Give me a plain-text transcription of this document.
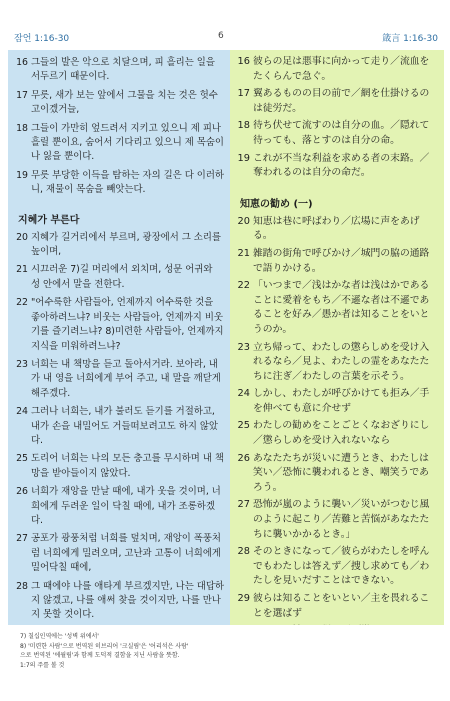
잠언 1:16-30	6	箴言 1:16-30
16 그들의 발은 악으로 치달으며, 피 흘리는 일을 서두르기 때문이다.
17 무릇, 새가 보는 앞에서 그물을 치는 것은 헛수고이겠거늘,
18 그들이 가만히 엎드려서 지키고 있으니 제 피나 흘릴 뿐이요, 숨어서 기다리고 있으니 제 목숨이나 잃을 뿐이다.
19 무릇 부당한 이득을 탐하는 자의 길은 다 이러하니, 재물이 목숨을 빼앗는다.
지혜가 부른다
20 지혜가 길거리에서 부르며, 광장에서 그 소리를 높이며,
21 시끄러운 7)길 머리에서 외치며, 성문 어귀와 성 안에서 말을 전한다.
22 "어수룩한 사람들아, 언제까지 어수룩한 것을 좋아하려느냐? 비웃는 사람들아, 언제까지 비웃기를 즐기려느냐? 8)미련한 사람들아, 언제까지 지식을 미워하려느냐?
23 너희는 내 책망을 듣고 돌아서거라. 보아라, 내가 내 영을 너희에게 부어 주고, 내 말을 깨닫게 해주겠다.
24 그러나 너희는, 내가 불러도 듣기를 거절하고, 내가 손을 내밀어도 거들떠보려고도 하지 않았다.
25 도리어 너희는 나의 모든 충고를 무시하며 내 책망을 받아들이지 않았다.
26 너희가 재앙을 만날 때에, 내가 웃을 것이며, 너희에게 두려운 일이 닥칠 때에, 내가 조롱하겠다.
27 공포가 광풍처럼 너희를 덮치며, 재앙이 폭풍처럼 너희에게 밀려오며, 고난과 고통이 너희에게 밀어닥칠 때에,
28 그 때에야 나를 애타게 부르겠지만, 나는 대답하지 않겠고, 나를 애써 찾을 것이지만, 나를 만나지 못할 것이다.
16 彼らの足は悪事に向かって走り／流血をたくらんで急ぐ。
17 翼あるものの目の前で／網を仕掛けるのは徒労だ。
18 待ち伏せて流すのは自分の血。／隠れて待っても、落とすのは自分の命。
19 これが不当な利益を求める者の末路。／奪われるのは自分の命だ。
知恵の勧め (一)
20 知恵は巷に呼ばわり／広場に声をあげる。
21 雑踏の街角で呼びかけ／城門の脇の通路で語りかける。
22 「いつまで／浅はかな者は浅はかであることに愛着をもち／不遜な者は不遜であることを好み／愚か者は知ることをいとうのか。
23 立ち帰って、わたしの懲らしめを受け入れるなら／見よ、わたしの霊をあなたたちに注ぎ／わたしの言葉を示そう。
24 しかし、わたしが呼びかけても拒み／手を伸べても意に介せず
25 わたしの勧めをことごとくなおざりにし／懲らしめを受け入れないなら
26 あなたたちが災いに遭うとき、わたしは笑い／恐怖に襲われるとき、嘲笑うであろう。
27 恐怖が嵐のように襲い／災いがつむじ風のように起こり／苦難と苦悩があなたたちに襲いかかるとき。」
28 そのときになって／彼らがわたしを呼んでもわたしは答えず／捜し求めても／わたしを見いだすことはできない。
29 彼らは知ることをいとい／主を畏れることを選ばず
7) 칠십인역에는 '성벽 위에서'
8) '미련한 사람'으로 번역된 히브리어 '크실림'은 '어리석은 사람'
으로 번역된 '에윌림'과 함께 도덕적 결함을 지닌 사람을 뜻함.
1:7의 주를 볼 것
